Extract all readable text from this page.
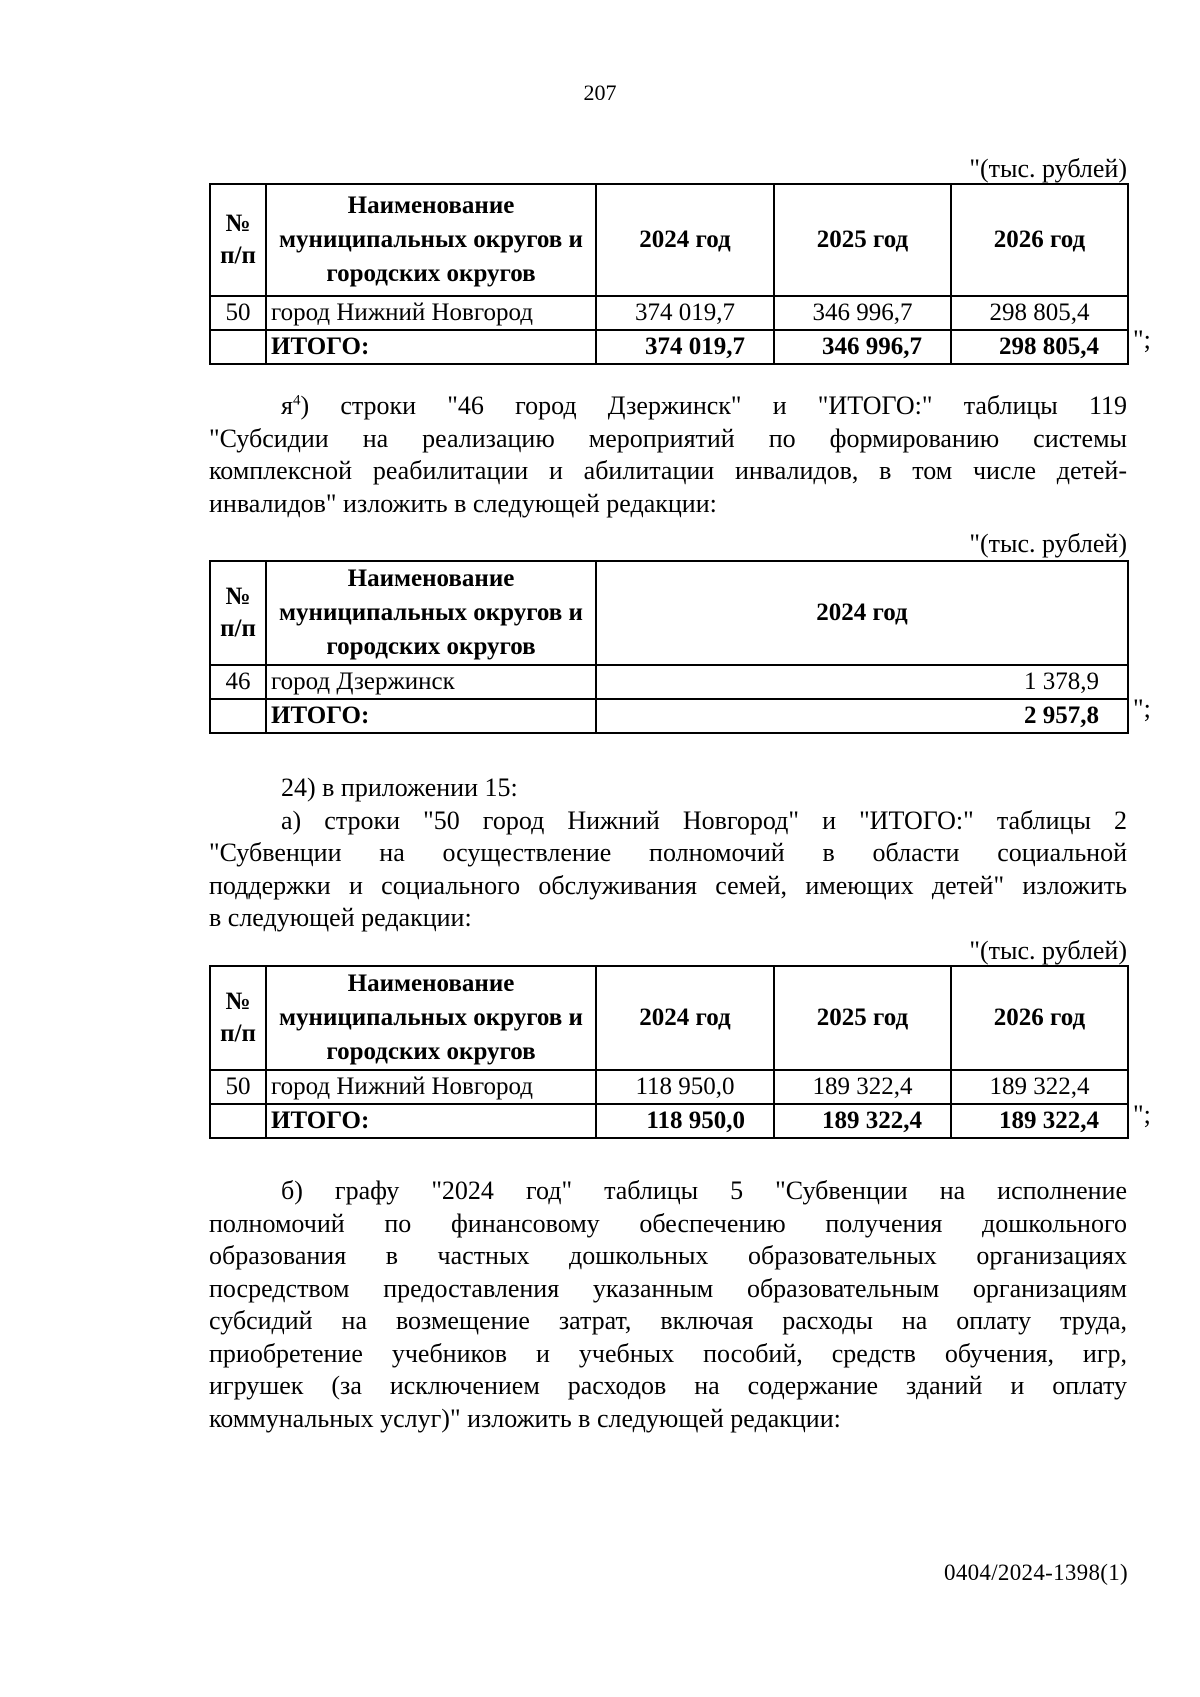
207
"(тыс. рублей)
№ п/п	Наименование муниципальных округов и городских округов	2024 год	2025 год	2026 год
50	город Нижний Новгород	374 019,7	346 996,7	298 805,4
	ИТОГО:	374 019,7	346 996,7	298 805,4 ";

$я^4$) строки "46 город Дзержинск" и "ИТОГО:" таблицы 119

"Субсидии на реализацию мероприятий по формированию системы

комплексной реабилитации и абилитации инвалидов, в том числе детей-

инвалидов" изложить в следующей редакции:

"(тыс. рублей)
№ п/п	Наименование муниципальных округов и городских округов	2024 год
46	город Дзержинск	1 378,9
	ИТОГО:	2 957,8 ";

24) в приложении 15:

а) строки "50 город Нижний Новгород" и "ИТОГО:" таблицы 2

"Субвенции на осуществление полномочий в области социальной

поддержки и социального обслуживания семей, имеющих детей" изложить

в следующей редакции:

"(тыс. рублей)
№ п/п	Наименование муниципальных округов и городских округов	2024 год	2025 год	2026 год
50	город Нижний Новгород	118 950,0	189 322,4	189 322,4
	ИТОГО:	118 950,0	189 322,4	189 322,4 ";

б) графу "2024 год" таблицы 5 "Субвенции на исполнение

полномочий по финансовому обеспечению получения дошкольного

образования в частных дошкольных образовательных организациях

посредством предоставления указанным образовательным организациям

субсидий на возмещение затрат, включая расходы на оплату труда,

приобретение учебников и учебных пособий, средств обучения, игр,

игрушек (за исключением расходов на содержание зданий и оплату

коммунальных услуг)" изложить в следующей редакции:

0404/2024-1398(1)
